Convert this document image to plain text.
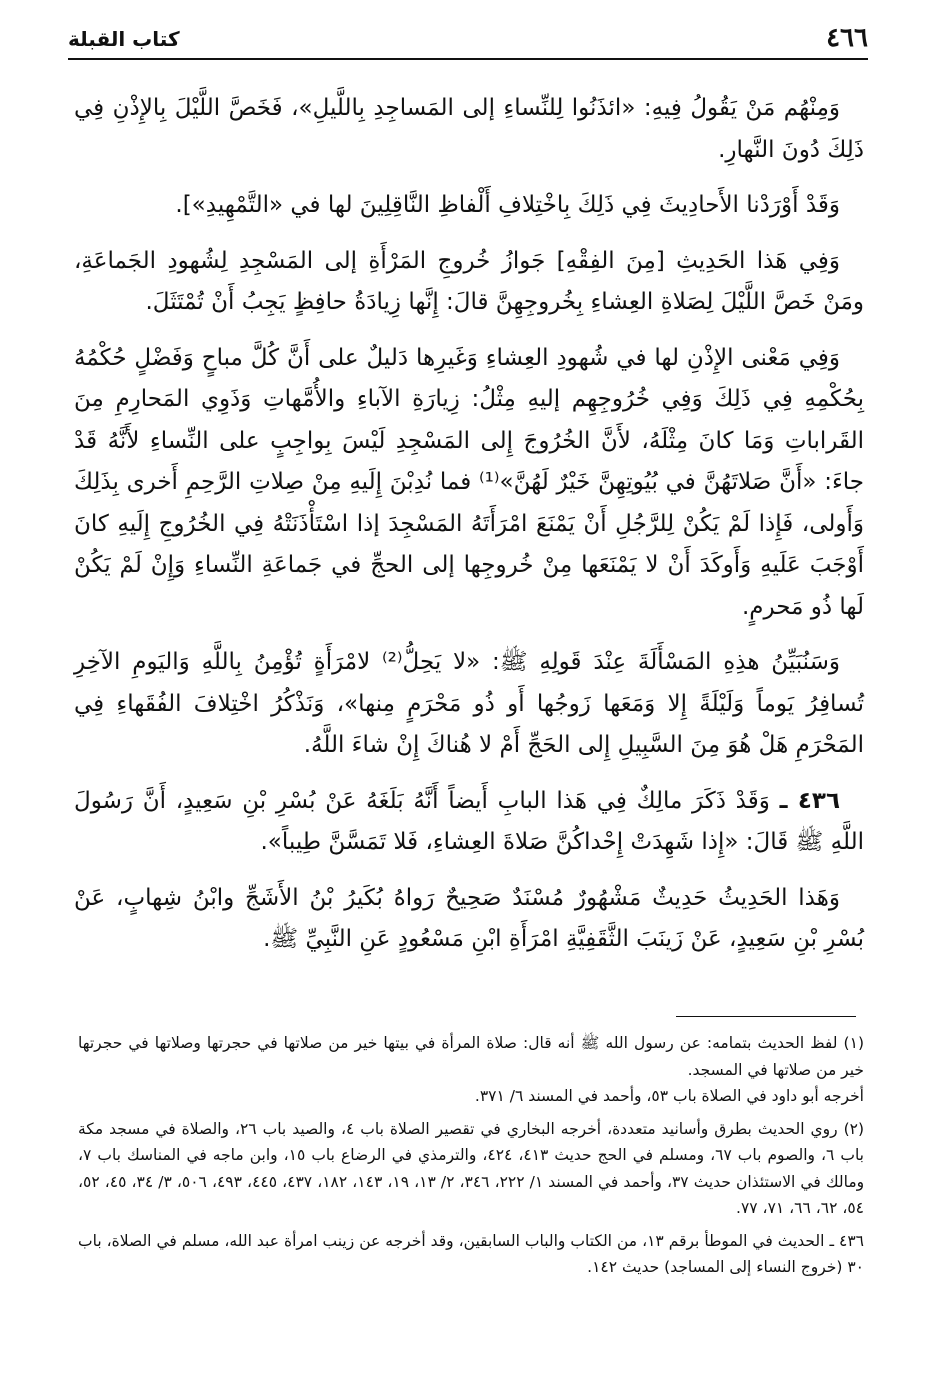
٤٦٦
كتاب القبلة

وَمِنْهُم مَنْ يَقُولُ فِيهِ: «ائذَنُوا لِلنِّساءِ إلى المَساجِدِ بِاللَّيلِ»، فَخَصَّ اللَّيْلَ بِالإِذْنِ فِي ذَلِكَ دُونَ النَّهارِ.

وَقَدْ أَوْرَدْنا الأَحادِيثَ فِي ذَلِكَ بِاخْتِلافِ أَلْفاظِ النَّاقِلِينَ لها في «التَّمْهِيدِ»].

وَفِي هَذا الحَدِيثِ [مِنَ الفِقْهِ] جَوازُ خُروجِ المَرْأَةِ إلى المَسْجِدِ لِشُهودِ الجَماعَةِ، ومَنْ خَصَّ اللَّيْلَ لِصَلاةِ العِشاءِ بِخُروجِهِنَّ قالَ: إِنَّها زِيادَةُ حافِظٍ يَجِبُ أَنْ تُمْتَثَلَ.

وَفِي مَعْنى الإِذْنِ لها في شُهودِ العِشاءِ وَغَيرِها دَليلٌ على أَنَّ كُلَّ مباحٍ وَفَضْلٍ حُكْمُهُ بِحُكْمِهِ فِي ذَلِكَ وَفِي خُرُوجِهِم إليهِ مِثْلُ: زِيارَةِ الآباءِ والأُمَّهاتِ وَذَوِي المَحارِمِ مِنَ القَراباتِ وَمَا كانَ مِثْلَهُ، لأَنَّ الخُرُوجَ إِلى المَسْجِدِ لَيْسَ بِواجِبٍ على النِّساءِ لأَنَّهُ قَدْ جاءَ: «أَنَّ صَلاتَهُنَّ في بُيُوتِهِنَّ خَيْرٌ لَهُنَّ»⁽¹⁾ فما نُدِبْنَ إِلَيهِ مِنْ صِلاتِ الرَّحِمِ أَخرى بِذَلِكَ وَأَولى، فَإِذا لَمْ يَكُنْ لِلرَّجُلِ أَنْ يَمْنَعَ امْرَأَتَهُ المَسْجِدَ إذا اسْتَأْذَنَتْهُ فِي الخُرُوجِ إِلَيهِ كانَ أَوْجَبَ عَلَيهِ وَأَوكَدَ أَنْ لا يَمْنَعَها مِنْ خُروجِها إلى الحجِّ في جَماعَةِ النِّساءِ وَإِنْ لَمْ يَكُنْ لَها ذُو مَحرمٍ.

وَسَنُبَيِّنُ هذِهِ المَسْأَلَةَ عِنْدَ قَولِهِ ﷺ: «لا يَحِلُّ⁽²⁾ لامْرَأَةٍ تُؤْمِنُ بِاللَّهِ وَاليَومِ الآخِرِ تُسافِرُ يَوماً وَلَيْلَةً إِلا وَمَعَها زَوجُها أَو ذُو مَحْرَمٍ مِنها»، وَنَذْكُرُ اخْتِلافَ الفُقَهاءِ فِي المَحْرَمِ هَلْ هُوَ مِنَ السَّبِيلِ إِلى الحَجِّ أَمْ لا هُناكَ إِنْ شاءَ اللَّهُ.

٤٣٦ ـ وَقَدْ ذَكَرَ مالِكٌ فِي هَذا البابِ أَيضاً أَنَّهُ بَلَغَهُ عَنْ بُسْرِ بْنِ سَعِيدٍ، أَنَّ رَسُولَ اللَّهِ ﷺ قَالَ: «إِذا شَهِدَتْ إِحْداكُنَّ صَلاةَ العِشاءِ، فَلا تَمَسَّنَّ طِيباً».

وَهَذا الحَدِيثُ حَدِيثٌ مَشْهُورٌ مُسْنَدٌ صَحِيحٌ رَواهُ بُكَيرُ بْنُ الأَشَجِّ وابْنُ شِهابٍ، عَنْ بُسْرِ بْنِ سَعِيدٍ، عَنْ زَينَبَ الثَّقَفِيَّةِ امْرَأَةِ ابْنِ مَسْعُودٍ عَنِ النَّبِيِّ ﷺ.

(١) لفظ الحديث بتمامه: عن رسول الله ﷺ أنه قال: صلاة المرأة في بيتها خير من صلاتها في حجرتها وصلاتها في حجرتها خير من صلاتها في المسجد.
أخرجه أبو داود في الصلاة باب ٥٣، وأحمد في المسند ٦/ ٣٧١.

(٢) روي الحديث بطرق وأسانيد متعددة، أخرجه البخاري في تقصير الصلاة باب ٤، والصيد باب ٢٦، والصلاة في مسجد مكة باب ٦، والصوم باب ٦٧، ومسلم في الحج حديث ٤١٣، ٤٢٤، والترمذي في الرضاع باب ١٥، وابن ماجه في المناسك باب ٧، ومالك في الاستئذان حديث ٣٧، وأحمد في المسند ١/ ٢٢٢، ٣٤٦، ٢/ ١٣، ١٩، ١٤٣، ١٨٢، ٤٣٧، ٤٤٥، ٤٩٣، ٥٠٦، ٣/ ٣٤، ٤٥، ٥٢، ٥٤، ٦٢، ٦٦، ٧١، ٧٧.

٤٣٦ ـ الحديث في الموطأ برقم ١٣، من الكتاب والباب السابقين، وقد أخرجه عن زينب امرأة عبد الله، مسلم في الصلاة، باب ٣٠ (خروج النساء إلى المساجد) حديث ١٤٢.
